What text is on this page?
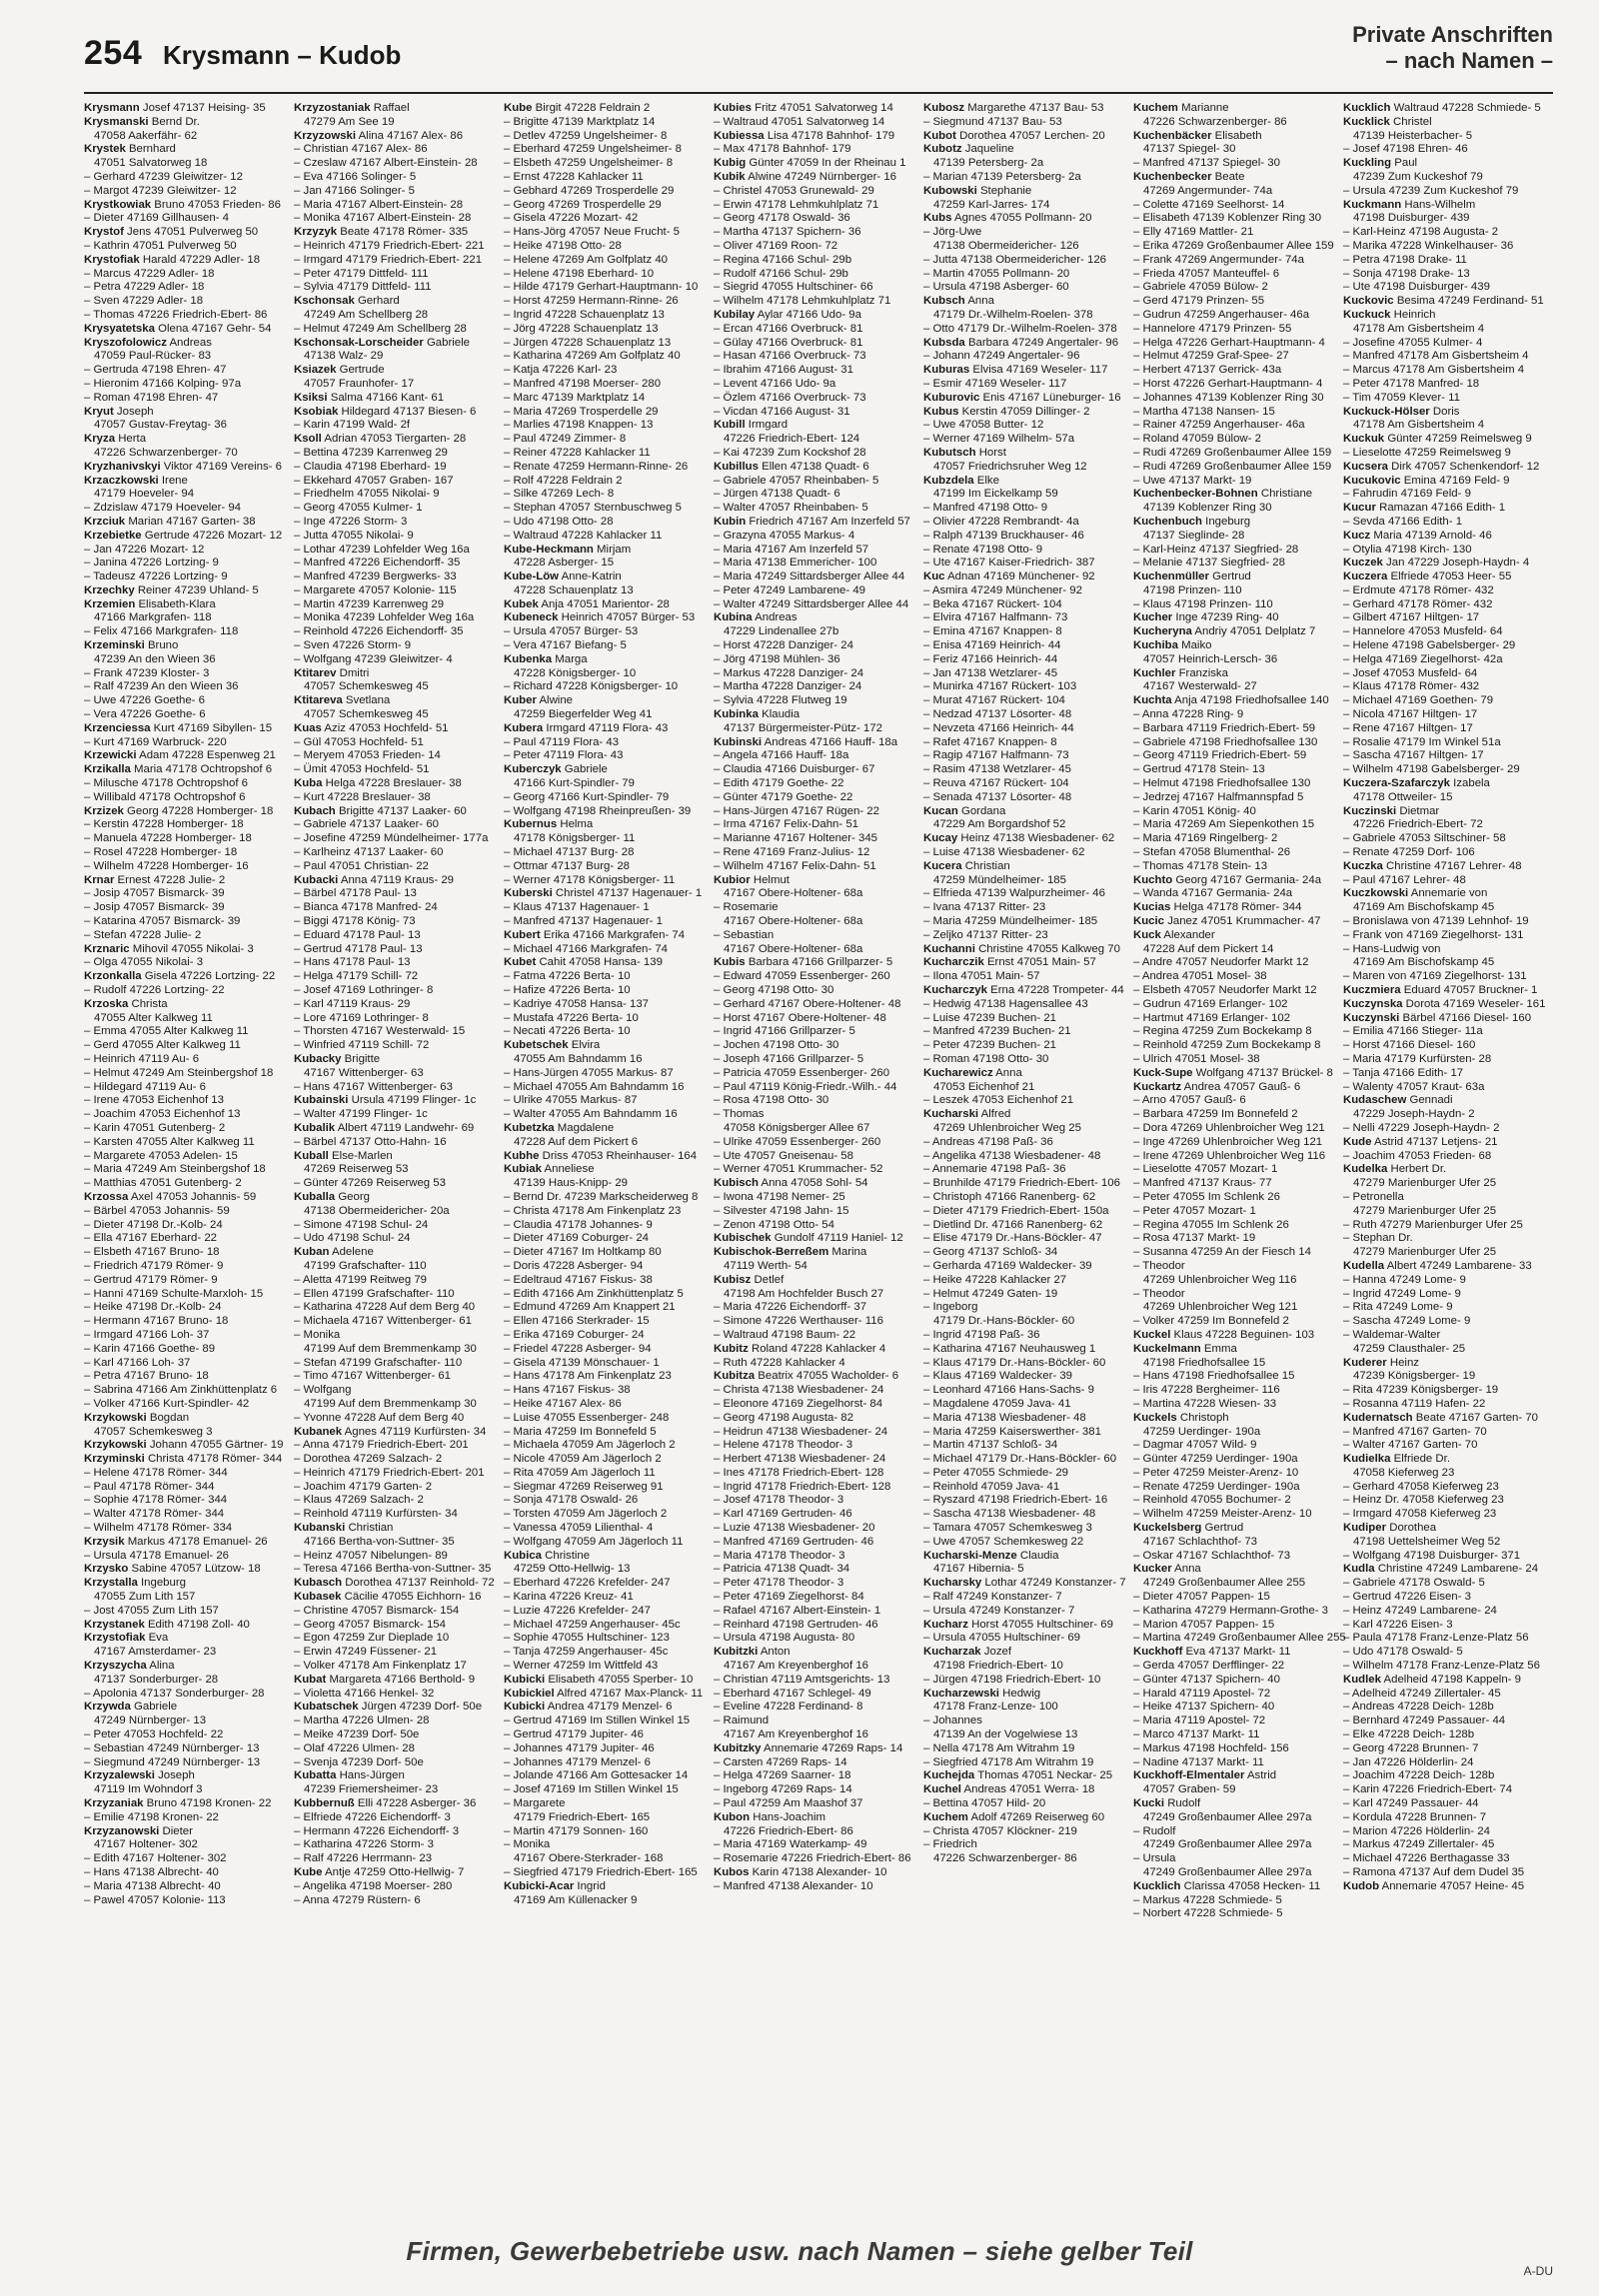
254 Krysmann – Kudob
Private Anschriften
– nach Namen –
Krysmann Josef 47137 Heising- 35
Krysmanski Bernd Dr.
47058 Aakerfähr- 62
Krystek Bernhard
47051 Salvatorweg 18
– Gerhard 47239 Gleiwitzer- 12
– Margot 47239 Gleiwitzer- 12
Krystkowiak Bruno 47053 Frieden- 86
– Dieter 47169 Gillhausen- 4
Krystof Jens 47051 Pulverweg 50
– Kathrin 47051 Pulverweg 50
Krystofiak Harald 47229 Adler- 18
– Marcus 47229 Adler- 18
– Petra 47229 Adler- 18
– Sven 47229 Adler- 18
– Thomas 47226 Friedrich-Ebert- 86
Krysyatetska Olena 47167 Gehr- 54
Kryszofolowicz Andreas
47059 Paul-Rücker- 83
– Gertruda 47198 Ehren- 47
– Hieronim 47166 Kolping- 97a
– Roman 47198 Ehren- 47
Kryut Joseph
47057 Gustav-Freytag- 36
Kryza Herta
47226 Schwarzenberger- 70
Kryzhanivskyi Viktor 47169 Vereins- 6
Krzaczkowski Irene
47179 Hoeveler- 94
– Zdzislaw 47179 Hoeveler- 94
Krzciuk Marian 47167 Garten- 38
Krzebietke Gertrude 47226 Mozart- 12
– Jan 47226 Mozart- 12
– Janina 47226 Lortzing- 9
– Tadeusz 47226 Lortzing- 9
Krzechky Reiner 47239 Uhland- 5
Krzemien Elisabeth-Klara
47166 Markgrafen- 118
– Felix 47166 Markgrafen- 118
Krzeminski Bruno
47239 An den Wieen 36
– Frank 47239 Kloster- 3
– Ralf 47239 An den Wieen 36
– Uwe 47226 Goethe- 6
– Vera 47226 Goethe- 6
Krzenciessa Kurt 47169 Sibyllen- 15
– Kurt 47169 Warbruck- 220
Krzewicki Adam 47228 Espenweg 21
Krzikalla Maria 47178 Ochtropshof 6
– Milusche 47178 Ochtropshof 6
– Willibald 47178 Ochtropshof 6
Krzizek Georg 47228 Homberger- 18
– Kerstin 47228 Homberger- 18
– Manuela 47228 Homberger- 18
– Rosel 47228 Homberger- 18
– Wilhelm 47228 Homberger- 16
Krnar Ernest 47228 Julie- 2
– Josip 47057 Bismarck- 39
– Josip 47057 Bismarck- 39
– Katarina 47057 Bismarck- 39
– Stefan 47228 Julie- 2
Krznaric Mihovil 47055 Nikolai- 3
– Olga 47055 Nikolai- 3
Krzonkalla Gisela 47226 Lortzing- 22
– Rudolf 47226 Lortzing- 22
Krzoska Christa
47055 Alter Kalkweg 11
– Emma 47055 Alter Kalkweg 11
– Gerd 47055 Alter Kalkweg 11
– Heinrich 47119 Au- 6
– Helmut 47249 Am Steinbergshof 18
– Hildegard 47119 Au- 6
– Irene 47053 Eichenhof 13
– Joachim 47053 Eichenhof 13
– Karin 47051 Gutenberg- 2
– Karsten 47055 Alter Kalkweg 11
– Margarete 47053 Adelen- 15
– Maria 47249 Am Steinbergshof 18
– Matthias 47051 Gutenberg- 2
Krzossa Axel 47053 Johannis- 59
– Bärbel 47053 Johannis- 59
– Dieter 47198 Dr.-Kolb- 24
– Ella 47167 Eberhard- 22
– Elsbeth 47167 Bruno- 18
– Friedrich 47179 Römer- 9
– Gertrud 47179 Römer- 9
– Hanni 47169 Schulte-Marxloh- 15
– Heike 47198 Dr.-Kolb- 24
– Hermann 47167 Bruno- 18
– Irmgard 47166 Loh- 37
– Karin 47166 Goethe- 89
– Karl 47166 Loh- 37
– Petra 47167 Bruno- 18
– Sabrina 47166 Am Zinkhüttenplatz 6
– Volker 47166 Kurt-Spindler- 42
Krzykowski Bogdan
47057 Schemkesweg 3
Krzykowski Johann 47055 Gärtner- 19
Krzyminski Christa 47178 Römer- 344
– Helene 47178 Römer- 344
– Paul 47178 Römer- 344
– Sophie 47178 Römer- 344
– Walter 47178 Römer- 344
– Wilhelm 47178 Römer- 334
Krzysik Markus 47178 Emanuel- 26
– Ursula 47178 Emanuel- 26
Krzysko Sabine 47057 Lützow- 18
Krzystalla Ingeburg
47055 Zum Lith 157
– Jost 47055 Zum Lith 157
Krzystanek Edith 47198 Zoll- 40
Krzystofiak Eva
47167 Amsterdamer- 23
Krzyszycha Alina
47137 Sonderburger- 28
– Apolonia 47137 Sonderburger- 28
Krzywda Gabriele
47249 Nürnberger- 13
– Peter 47053 Hochfeld- 22
– Sebastian 47249 Nürnberger- 13
– Siegmund 47249 Nürnberger- 13
Krzyzalewski Joseph
47119 Im Wohndorf 3
Krzyzaniak Bruno 47198 Kronen- 22
– Emilie 47198 Kronen- 22
Krzyzanowski Dieter
47167 Holtener- 302
– Edith 47167 Holtener- 302
– Hans 47138 Albrecht- 40
– Maria 47138 Albrecht- 40
– Pawel 47057 Kolonie- 113
Krzyzostaniak Raffael
47279 Am See 19
Krzyzowski Alina 47167 Alex- 86
– Christian 47167 Alex- 86
– Czeslaw 47167 Albert-Einstein- 28
– Eva 47166 Solinger- 5
– Jan 47166 Solinger- 5
– Maria 47167 Albert-Einstein- 28
– Monika 47167 Albert-Einstein- 28
Krzyzyk Beate 47178 Römer- 335
– Heinrich 47179 Friedrich-Ebert- 221
– Irmgard 47179 Friedrich-Ebert- 221
– Peter 47179 Dittfeld- 111
– Sylvia 47179 Dittfeld- 111
Kschonsak Gerhard
47249 Am Schellberg 28
– Helmut 47249 Am Schellberg 28
Kschonsak-Lorscheider Gabriele
47138 Walz- 29
Ksiazek Gertrude
47057 Fraunhofer- 17
Ksiksi Salma 47166 Kant- 61
Ksobiak Hildegard 47137 Biesen- 6
– Karin 47199 Wald- 2f
Ksoll Adrian 47053 Tiergarten- 28
– Bettina 47239 Karrenweg 29
– Claudia 47198 Eberhard- 19
– Ekkehard 47057 Graben- 167
– Friedhelm 47055 Nikolai- 9
– Georg 47055 Kulmer- 1
– Inge 47226 Storm- 3
– Jutta 47055 Nikolai- 9
– Lothar 47239 Lohfelder Weg 16a
– Manfred 47226 Eichendorff- 35
– Manfred 47239 Bergwerks- 33
– Margarete 47057 Kolonie- 115
– Martin 47239 Karrenweg 29
– Monika 47239 Lohfelder Weg 16a
– Reinhold 47226 Eichendorff- 35
– Sven 47226 Storm- 9
– Wolfgang 47239 Gleiwitzer- 4
Ktitarev Dmitri
47057 Schemkesweg 45
Ktitareva Svetlana
47057 Schemkesweg 45
Kuas Aziz 47053 Hochfeld- 51
– Gül 47053 Hochfeld- 51
– Meryem 47053 Frieden- 14
– Ümit 47053 Hochfeld- 51
Kuba Helga 47228 Breslauer- 38
– Kurt 47228 Breslauer- 38
Kubach Brigitte 47137 Laaker- 60
– Gabriele 47137 Laaker- 60
– Josefine 47259 Mündelheimer- 177a
– Karlheinz 47137 Laaker- 60
– Paul 47051 Christian- 22
Kubacki Anna 47119 Kraus- 29
– Bärbel 47178 Paul- 13
– Bianca 47178 Manfred- 24
– Biggi 47178 König- 73
– Eduard 47178 Paul- 13
– Gertrud 47178 Paul- 13
– Hans 47178 Paul- 13
– Helga 47179 Schill- 72
– Josef 47169 Lothringer- 8
– Karl 47119 Kraus- 29
– Lore 47169 Lothringer- 8
– Thorsten 47167 Westerwald- 15
– Winfried 47119 Schill- 72
Kubacky Brigitte
47167 Wittenberger- 63
– Hans 47167 Wittenberger- 63
Kubainski Ursula 47199 Flinger- 1c
– Walter 47199 Flinger- 1c
Kubalik Albert 47119 Landwehr- 69
– Bärbel 47137 Otto-Hahn- 16
Kuball Else-Marlen
47269 Reiserweg 53
– Günter 47269 Reiserweg 53
Kuballa Georg
47138 Obermeidericher- 20a
– Simone 47198 Schul- 24
– Udo 47198 Schul- 24
Kuban Adelene
47199 Grafschafter- 110
– Aletta 47199 Reitweg 79
– Ellen 47199 Grafschafter- 110
– Katharina 47228 Auf dem Berg 40
– Michaela 47167 Wittenberger- 61
– Monika
47199 Auf dem Bremmenkamp 30
– Stefan 47199 Grafschafter- 110
– Timo 47167 Wittenberger- 61
– Wolfgang
47199 Auf dem Bremmenkamp 30
– Yvonne 47228 Auf dem Berg 40
Kubanek Agnes 47119 Kurfürsten- 34
– Anna 47179 Friedrich-Ebert- 201
– Dorothea 47269 Salzach- 2
– Heinrich 47179 Friedrich-Ebert- 201
– Joachim 47179 Garten- 2
– Klaus 47269 Salzach- 2
– Reinhold 47119 Kurfürsten- 34
Kubanski Christian
47166 Bertha-von-Suttner- 35
– Heinz 47057 Nibelungen- 89
– Teresa 47166 Bertha-von-Suttner- 35
Kubasch Dorothea 47137 Reinhold- 72
Kubasek Cäcilie 47055 Eichhorn- 16
– Christine 47057 Bismarck- 154
– Georg 47057 Bismarck- 154
– Egon 47259 Zur Dieplade 10
– Erwin 47249 Füssener- 21
– Volker 47178 Am Finkenplatz 17
Kubat Margareta 47166 Berthold- 9
– Violetta 47166 Henkel- 32
Kubatschek Jürgen 47239 Dorf- 50e
– Martha 47226 Ulmen- 28
– Meike 47239 Dorf- 50e
– Olaf 47226 Ulmen- 28
– Svenja 47239 Dorf- 50e
Kubatta Hans-Jürgen
47239 Friemersheimer- 23
Kubbernuß Elli 47228 Asberger- 36
– Elfriede 47226 Eichendorff- 3
– Hermann 47226 Eichendorff- 3
– Katharina 47226 Storm- 3
– Ralf 47226 Herrmann- 23
Kube Antje 47259 Otto-Hellwig- 7
– Angelika 47198 Moerser- 280
– Anna 47279 Rüstern- 6
Kube Birgit 47228 Feldrain 2
– Brigitte 47139 Marktplatz 14
– Detlev 47259 Ungelsheimer- 8
– Eberhard 47259 Ungelsheimer- 8
– Elsbeth 47259 Ungelsheimer- 8
– Ernst 47228 Kahlacker 11
– Gebhard 47269 Trosperdelle 29
– Georg 47269 Trosperdelle 29
– Gisela 47226 Mozart- 42
– Hans-Jörg 47057 Neue Frucht- 5
– Heike 47198 Otto- 28
– Helene 47269 Am Golfplatz 40
– Helene 47198 Eberhard- 10
– Hilde 47179 Gerhart-Hauptmann- 10
– Horst 47259 Hermann-Rinne- 26
– Ingrid 47228 Schauenplatz 13
– Jörg 47228 Schauenplatz 13
– Jürgen 47228 Schauenplatz 13
– Katharina 47269 Am Golfplatz 40
– Katja 47226 Karl- 23
– Manfred 47198 Moerser- 280
– Marc 47139 Marktplatz 14
– Maria 47269 Trosperdelle 29
– Marlies 47198 Knappen- 13
– Paul 47249 Zimmer- 8
– Reiner 47228 Kahlacker 11
– Renate 47259 Hermann-Rinne- 26
– Rolf 47228 Feldrain 2
– Silke 47269 Lech- 8
– Stephan 47057 Sternbuschweg 5
– Udo 47198 Otto- 28
– Waltraud 47228 Kahlacker 11
Kube-Heckmann Mirjam
47228 Asberger- 15
Kube-Löw Anne-Katrin
47228 Schauenplatz 13
Kubek Anja 47051 Marientor- 28
Kubeneck Heinrich 47057 Bürger- 53
– Ursula 47057 Bürger- 53
– Vera 47167 Biefang- 5
Kubenka Marga
47228 Königsberger- 10
– Richard 47228 Königsberger- 10
Kuber Alwine
47259 Biegerfelder Weg 41
Kubera Irmgard 47119 Flora- 43
– Paul 47119 Flora- 43
– Peter 47119 Flora- 43
Kuberczyk Gabriele
47166 Kurt-Spindler- 79
– Georg 47166 Kurt-Spindler- 79
– Wolfgang 47198 Rheinpreußen- 39
Kubernus Helma
47178 Königsberger- 11
– Michael 47137 Burg- 28
– Ottmar 47137 Burg- 28
– Werner 47178 Königsberger- 11
Kuberski Christel 47137 Hagenauer- 1
– Klaus 47137 Hagenauer- 1
– Manfred 47137 Hagenauer- 1
Kubert Erika 47166 Markgrafen- 74
– Michael 47166 Markgrafen- 74
Kubet Cahit 47058 Hansa- 139
– Fatma 47226 Berta- 10
– Hafize 47226 Berta- 10
– Kadriye 47058 Hansa- 137
– Mustafa 47226 Berta- 10
– Necati 47226 Berta- 10
Kubetschek Elvira
47055 Am Bahndamm 16
– Hans-Jürgen 47055 Markus- 87
– Michael 47055 Am Bahndamm 16
– Ulrike 47055 Markus- 87
– Walter 47055 Am Bahndamm 16
Kubetzka Magdalene
47228 Auf dem Pickert 6
Kubhe Driss 47053 Rheinhauser- 164
Kubiak Anneliese
47139 Haus-Knipp- 29
– Bernd Dr. 47239 Markscheiderweg 8
– Christa 47178 Am Finkenplatz 23
– Claudia 47178 Johannes- 9
– Dieter 47169 Coburger- 24
– Dieter 47167 Im Holtkamp 80
– Doris 47228 Asberger- 94
– Edeltraud 47167 Fiskus- 38
– Edith 47166 Am Zinkhüttenplatz 5
– Edmund 47269 Am Knappert 21
– Ellen 47166 Sterkrader- 15
– Erika 47169 Coburger- 24
– Friedel 47228 Asberger- 94
– Gisela 47139 Mönschauer- 1
– Hans 47178 Am Finkenplatz 23
– Hans 47167 Fiskus- 38
– Heike 47167 Alex- 86
– Luise 47055 Essenberger- 248
– Maria 47259 Im Bonnefeld 5
– Michaela 47059 Am Jägerloch 2
– Nicole 47059 Am Jägerloch 2
– Rita 47059 Am Jägerloch 11
– Siegmar 47269 Reiserweg 91
– Sonja 47178 Oswald- 26
– Torsten 47059 Am Jägerloch 2
– Vanessa 47059 Lilienthal- 4
– Wolfgang 47059 Am Jägerloch 11
Kubica Christine
47259 Otto-Hellwig- 13
– Eberhard 47226 Krefelder- 247
– Karina 47226 Kreuz- 41
– Luzie 47226 Krefelder- 247
– Michael 47259 Angerhauser- 45c
– Sophie 47055 Hultschiner- 123
– Tanja 47259 Angerhauser- 45c
– Werner 47259 Im Wittfeld 43
Kubicki Elisabeth 47055 Sperber- 10
Kubickiel Alfred 47167 Max-Planck- 11
Kubicki Andrea 47179 Menzel- 6
– Gertrud 47169 Im Stillen Winkel 15
– Gertrud 47179 Jupiter- 46
– Johannes 47179 Jupiter- 46
– Johannes 47179 Menzel- 6
– Jolande 47166 Am Gottesacker 14
– Josef 47169 Im Stillen Winkel 15
– Margarete
47179 Friedrich-Ebert- 165
– Martin 47179 Sonnen- 160
– Monika
47167 Obere-Sterkrader- 168
– Siegfried 47179 Friedrich-Ebert- 165
Kubicki-Acar Ingrid
47169 Am Küllenacker 9
Kubies Fritz 47051 Salvatorweg 14
– Waltraud 47051 Salvatorweg 14
Kubiessa Lisa 47178 Bahnhof- 179
– Max 47178 Bahnhof- 179
Kubig Günter 47059 In der Rheinau 1
Kubik Alwine 47249 Nürnberger- 16
– Christel 47053 Grunewald- 29
– Erwin 47178 Lehmkuhlplatz 71
– Georg 47178 Oswald- 36
– Martha 47137 Spichern- 36
– Oliver 47169 Roon- 72
– Regina 47166 Schul- 29b
– Rudolf 47166 Schul- 29b
– Siegrid 47055 Hultschiner- 66
– Wilhelm 47178 Lehmkuhlplatz 71
Kubilay Aylar 47166 Udo- 9a
– Ercan 47166 Overbruck- 81
– Gülay 47166 Overbruck- 81
– Hasan 47166 Overbruck- 73
– Ibrahim 47166 August- 31
– Levent 47166 Udo- 9a
– Özlem 47166 Overbruck- 73
– Vicdan 47166 August- 31
Kubill Irmgard
47226 Friedrich-Ebert- 124
– Kai 47239 Zum Kockshof 28
Kubillus Ellen 47138 Quadt- 6
– Gabriele 47057 Rheinbaben- 5
– Jürgen 47138 Quadt- 6
– Walter 47057 Rheinbaben- 5
Kubin Friedrich 47167 Am Inzerfeld 57
– Grazyna 47055 Markus- 4
– Maria 47167 Am Inzerfeld 57
– Maria 47138 Emmericher- 100
– Maria 47249 Sittardsberger Allee 44
– Peter 47249 Lambarene- 49
– Walter 47249 Sittardsberger Allee 44
Kubina Andreas
47229 Lindenallee 27b
– Horst 47228 Danziger- 24
– Jörg 47198 Mühlen- 36
– Markus 47228 Danziger- 24
– Martha 47228 Danziger- 24
– Sylvia 47228 Flutweg 19
Kubinka Klaudia
47137 Bürgermeister-Pütz- 172
Kubinski Andreas 47166 Hauff- 18a
– Angela 47166 Hauff- 18a
– Claudia 47166 Duisburger- 67
– Edith 47179 Goethe- 22
– Günter 47179 Goethe- 22
– Hans-Jürgen 47167 Rügen- 22
– Irma 47167 Felix-Dahn- 51
– Marianne 47167 Holtener- 345
– Rene 47169 Franz-Julius- 12
– Wilhelm 47167 Felix-Dahn- 51
Kubior Helmut
47167 Obere-Holtener- 68a
– Rosemarie
47167 Obere-Holtener- 68a
– Sebastian
47167 Obere-Holtener- 68a
Kubis Barbara 47166 Grillparzer- 5
– Edward 47059 Essenberger- 260
– Georg 47198 Otto- 30
– Gerhard 47167 Obere-Holtener- 48
– Horst 47167 Obere-Holtener- 48
– Ingrid 47166 Grillparzer- 5
– Jochen 47198 Otto- 30
– Joseph 47166 Grillparzer- 5
– Patricia 47059 Essenberger- 260
– Paul 47119 König-Friedr.-Wilh.- 44
– Rosa 47198 Otto- 30
– Thomas
47058 Königsberger Allee 67
– Ulrike 47059 Essenberger- 260
– Ute 47057 Gneisenau- 58
– Werner 47051 Krummacher- 52
Kubisch Anna 47058 Sohl- 54
– Iwona 47198 Nemer- 25
– Silvester 47198 Jahn- 15
– Zenon 47198 Otto- 54
Kubischek Gundolf 47119 Haniel- 12
Kubischok-Berreßem Marina
47119 Werth- 54
Kubisz Detlef
47198 Am Hochfelder Busch 27
– Maria 47226 Eichendorff- 37
– Simone 47226 Werthauser- 116
– Waltraud 47198 Baum- 22
Kubitz Roland 47228 Kahlacker 4
– Ruth 47228 Kahlacker 4
Kubitza Beatrix 47055 Wacholder- 6
– Christa 47138 Wiesbadener- 24
– Eleonore 47169 Ziegelhorst- 84
– Georg 47198 Augusta- 82
– Heidrun 47138 Wiesbadener- 24
– Helene 47178 Theodor- 3
– Herbert 47138 Wiesbadener- 24
– Ines 47178 Friedrich-Ebert- 128
– Ingrid 47178 Friedrich-Ebert- 128
– Josef 47178 Theodor- 3
– Karl 47169 Gertruden- 46
– Luzie 47138 Wiesbadener- 20
– Manfred 47169 Gertruden- 46
– Maria 47178 Theodor- 3
– Patricia 47138 Quadt- 34
– Peter 47178 Theodor- 3
– Peter 47169 Ziegelhorst- 84
– Rafael 47167 Albert-Einstein- 1
– Reinhard 47198 Gertruden- 46
– Ursula 47198 Augusta- 80
Kubitzki Anton
47167 Am Kreyenberghof 16
– Christian 47119 Amtsgerichts- 13
– Eberhard 47167 Schlegel- 49
– Eveline 47228 Ferdinand- 8
– Raimund
47167 Am Kreyenberghof 16
Kubitzky Annemarie 47269 Raps- 14
– Carsten 47269 Raps- 14
– Helga 47269 Saarner- 18
– Ingeborg 47269 Raps- 14
– Paul 47259 Am Maashof 37
Kubon Hans-Joachim
47226 Friedrich-Ebert- 86
– Maria 47169 Waterkamp- 49
– Rosemarie 47226 Friedrich-Ebert- 86
Kubos Karin 47138 Alexander- 10
– Manfred 47138 Alexander- 10
Kubosz Margarethe 47137 Bau- 53
– Siegmund 47137 Bau- 53
Kubot Dorothea 47057 Lerchen- 20
Kubotz Jaqueline
47139 Petersberg- 2a
– Marian 47139 Petersberg- 2a
Kubowski Stephanie
47259 Karl-Jarres- 174
Kubs Agnes 47055 Pollmann- 20
– Jörg-Uwe
47138 Obermeidericher- 126
– Jutta 47138 Obermeidericher- 126
– Martin 47055 Pollmann- 20
– Ursula 47198 Asberger- 60
Kubsch Anna
47179 Dr.-Wilhelm-Roelen- 378
– Otto 47179 Dr.-Wilhelm-Roelen- 378
Kubsda Barbara 47249 Angertaler- 96
– Johann 47249 Angertaler- 96
Kuburas Elvisa 47169 Weseler- 117
– Esmir 47169 Weseler- 117
Kuburovic Enis 47167 Lüneburger- 16
Kubus Kerstin 47059 Dillinger- 2
– Uwe 47058 Butter- 12
– Werner 47169 Wilhelm- 57a
Kubutsch Horst
47057 Friedrichsruher Weg 12
Kubzdela Elke
47199 Im Eickelkamp 59
– Manfred 47198 Otto- 9
– Olivier 47228 Rembrandt- 4a
– Ralph 47139 Bruckhauser- 46
– Renate 47198 Otto- 9
– Ute 47167 Kaiser-Friedrich- 387
Kuc Adnan 47169 Münchener- 92
– Asmira 47249 Münchener- 92
– Beka 47167 Rückert- 104
– Elvira 47167 Halfmann- 73
– Emina 47167 Knappen- 8
– Enisa 47169 Heinrich- 44
– Feriz 47166 Heinrich- 44
– Jan 47138 Wetzlarer- 45
– Munirka 47167 Rückert- 103
– Murat 47167 Rückert- 104
– Nedzad 47137 Lösorter- 48
– Nevzeta 47166 Heinrich- 44
– Rafet 47167 Knappen- 8
– Ragip 47167 Halfmann- 73
– Rasim 47138 Wetzlarer- 45
– Reuva 47167 Rückert- 104
– Senada 47137 Lösorter- 48
Kucan Gordana
47229 Am Borgardshof 52
Kucay Heinz 47138 Wiesbadener- 62
– Luise 47138 Wiesbadener- 62
Kucera Christian
47259 Mündelheimer- 185
– Elfrieda 47139 Walpurzheimer- 46
– Ivana 47137 Ritter- 23
– Maria 47259 Mündelheimer- 185
– Zeljko 47137 Ritter- 23
Kuchanni Christine 47055 Kalkweg 70
Kucharczik Ernst 47051 Main- 57
– Ilona 47051 Main- 57
Kucharczyk Erna 47228 Trompeter- 44
– Hedwig 47138 Hagensallee 43
– Luise 47239 Buchen- 21
– Manfred 47239 Buchen- 21
– Peter 47239 Buchen- 21
– Roman 47198 Otto- 30
Kucharewicz Anna
47053 Eichenhof 21
– Leszek 47053 Eichenhof 21
Kucharski Alfred
47269 Uhlenbroicher Weg 25
– Andreas 47198 Paß- 36
– Angelika 47138 Wiesbadener- 48
– Annemarie 47198 Paß- 36
– Brunhilde 47179 Friedrich-Ebert- 106
– Christoph 47166 Ranenberg- 62
– Dieter 47179 Friedrich-Ebert- 150a
– Dietlind Dr. 47166 Ranenberg- 62
– Elise 47179 Dr.-Hans-Böckler- 47
– Georg 47137 Schloß- 34
– Gerharda 47169 Waldecker- 39
– Heike 47228 Kahlacker 27
– Helmut 47249 Gaten- 19
– Ingeborg
47179 Dr.-Hans-Böckler- 60
– Ingrid 47198 Paß- 36
– Katharina 47167 Neuhausweg 1
– Klaus 47179 Dr.-Hans-Böckler- 60
– Klaus 47169 Waldecker- 39
– Leonhard 47166 Hans-Sachs- 9
– Magdalene 47059 Java- 41
– Maria 47138 Wiesbadener- 48
– Maria 47259 Kaiserswerther- 381
– Martin 47137 Schloß- 34
– Michael 47179 Dr.-Hans-Böckler- 60
– Peter 47055 Schmiede- 29
– Reinhold 47059 Java- 41
– Ryszard 47198 Friedrich-Ebert- 16
– Sascha 47138 Wiesbadener- 48
– Tamara 47057 Schemkesweg 3
– Uwe 47057 Schemkesweg 22
Kucharski-Menze Claudia
47167 Hibernia- 5
Kucharsky Lothar 47249 Konstanzer- 7
– Ralf 47249 Konstanzer- 7
– Ursula 47249 Konstanzer- 7
Kucharz Horst 47055 Hultschiner- 69
– Ursula 47055 Hultschiner- 69
Kucharzak Jozef
47198 Friedrich-Ebert- 10
– Jürgen 47198 Friedrich-Ebert- 10
Kucharzewski Hedwig
47178 Franz-Lenze- 100
– Johannes
47139 An der Vogelwiese 13
– Nella 47178 Am Witrahm 19
– Siegfried 47178 Am Witrahm 19
Kuchejda Thomas 47051 Neckar- 25
Kuchel Andreas 47051 Werra- 18
– Bettina 47057 Hild- 20
Kuchem Adolf 47269 Reiserweg 60
– Christa 47057 Klöckner- 219
– Friedrich
47226 Schwarzenberger- 86
Kuchem Marianne
47226 Schwarzenberger- 86
Kuchenbäcker Elisabeth
47137 Spiegel- 30
– Manfred 47137 Spiegel- 30
Kuchenbecker Beate
47269 Angermunder- 74a
– Colette 47169 Seelhorst- 14
– Elisabeth 47139 Koblenzer Ring 30
– Elly 47169 Mattler- 21
– Erika 47269 Großenbaumer Allee 159
– Frank 47269 Angermunder- 74a
– Frieda 47057 Manteuffel- 6
– Gabriele 47059 Bülow- 2
– Gerd 47179 Prinzen- 55
– Gudrun 47259 Angerhauser- 46a
– Hannelore 47179 Prinzen- 55
– Helga 47226 Gerhart-Hauptmann- 4
– Helmut 47259 Graf-Spee- 27
– Herbert 47137 Gerrick- 43a
– Horst 47226 Gerhart-Hauptmann- 4
– Johannes 47139 Koblenzer Ring 30
– Martha 47138 Nansen- 15
– Rainer 47259 Angerhauser- 46a
– Roland 47059 Bülow- 2
– Rudi 47269 Großenbaumer Allee 159
– Rudi 47269 Großenbaumer Allee 159
– Uwe 47137 Markt- 19
Kuchenbecker-Bohnen Christiane
47139 Koblenzer Ring 30
Kuchenbuch Ingeburg
47137 Sieglinde- 28
– Karl-Heinz 47137 Siegfried- 28
– Melanie 47137 Siegfried- 28
Kuchenmüller Gertrud
47198 Prinzen- 110
– Klaus 47198 Prinzen- 110
Kucher Inge 47239 Ring- 40
Kucheryna Andriy 47051 Delplatz 7
Kuchiba Maiko
47057 Heinrich-Lersch- 36
Kuchler Franziska
47167 Westerwald- 27
Kuchta Anja 47198 Friedhofsallee 140
– Anna 47228 Ring- 9
– Barbara 47119 Friedrich-Ebert- 59
– Gabriele 47198 Friedhofsallee 130
– Georg 47119 Friedrich-Ebert- 59
– Gertrud 47178 Stein- 13
– Helmut 47198 Friedhofsallee 130
– Jedrzej 47167 Halfmannspfad 5
– Karin 47051 König- 40
– Maria 47269 Am Siepenkothen 15
– Maria 47169 Ringelberg- 2
– Stefan 47058 Blumenthal- 26
– Thomas 47178 Stein- 13
Kuchto Georg 47167 Germania- 24a
– Wanda 47167 Germania- 24a
Kucias Helga 47178 Römer- 344
Kucic Janez 47051 Krummacher- 47
Kuck Alexander
47228 Auf dem Pickert 14
– Andre 47057 Neudorfer Markt 12
– Andrea 47051 Mosel- 38
– Elsbeth 47057 Neudorfer Markt 12
– Gudrun 47169 Erlanger- 102
– Hartmut 47169 Erlanger- 102
– Regina 47259 Zum Bockekamp 8
– Reinhold 47259 Zum Bockekamp 8
– Ulrich 47051 Mosel- 38
Kuck-Supe Wolfgang 47137 Brückel- 8
Kuckartz Andrea 47057 Gauß- 6
– Arno 47057 Gauß- 6
– Barbara 47259 Im Bonnefeld 2
– Dora 47269 Uhlenbroicher Weg 121
– Inge 47269 Uhlenbroicher Weg 121
– Irene 47269 Uhlenbroicher Weg 116
– Lieselotte 47057 Mozart- 1
– Manfred 47137 Kraus- 77
– Peter 47055 Im Schlenk 26
– Peter 47057 Mozart- 1
– Regina 47055 Im Schlenk 26
– Rosa 47137 Markt- 19
– Susanna 47259 An der Fiesch 14
– Theodor
47269 Uhlenbroicher Weg 116
– Theodor
47269 Uhlenbroicher Weg 121
– Volker 47259 Im Bonnefeld 2
Kuckel Klaus 47228 Beguinen- 103
Kuckelmann Emma
47198 Friedhofsallee 15
– Hans 47198 Friedhofsallee 15
– Iris 47228 Bergheimer- 116
– Martina 47228 Wiesen- 33
Kuckels Christoph
47259 Uerdinger- 190a
– Dagmar 47057 Wild- 9
– Günter 47259 Uerdinger- 190a
– Peter 47259 Meister-Arenz- 10
– Renate 47259 Uerdinger- 190a
– Reinhold 47055 Bochumer- 2
– Wilhelm 47259 Meister-Arenz- 10
Kuckelsberg Gertrud
47167 Schlachthof- 73
– Oskar 47167 Schlachthof- 73
Kucker Anna
47249 Großenbaumer Allee 255
– Dieter 47057 Pappen- 15
– Katharina 47279 Hermann-Grothe- 3
– Marion 47057 Pappen- 15
– Martina 47249 Großenbaumer Allee 255
Kuckhoff Eva 47137 Markt- 11
– Gerda 47057 Derfflinger- 22
– Günter 47137 Spichern- 40
– Harald 47119 Apostel- 72
– Heike 47137 Spichern- 40
– Maria 47119 Apostel- 72
– Marco 47137 Markt- 11
– Markus 47198 Hochfeld- 156
– Nadine 47137 Markt- 11
Kuckhoff-Elmentaler Astrid
47057 Graben- 59
Kucki Rudolf
47249 Großenbaumer Allee 297a
– Rudolf
47249 Großenbaumer Allee 297a
– Ursula
47249 Großenbaumer Allee 297a
Kucklich Clarissa 47058 Hecken- 11
– Markus 47228 Schmiede- 5
– Norbert 47228 Schmiede- 5
Kucklich Waltraud 47228 Schmiede- 5
Kucklick Christel
47139 Heisterbacher- 5
– Josef 47198 Ehren- 46
Kuckling Paul
47239 Zum Kuckeshof 79
– Ursula 47239 Zum Kuckeshof 79
Kuckmann Hans-Wilhelm
47198 Duisburger- 439
– Karl-Heinz 47198 Augusta- 2
– Marika 47228 Winkelhauser- 36
– Petra 47198 Drake- 11
– Sonja 47198 Drake- 13
– Ute 47198 Duisburger- 439
Kuckovic Besima 47249 Ferdinand- 51
Kuckuck Heinrich
47178 Am Gisbertsheim 4
– Josefine 47055 Kulmer- 4
– Manfred 47178 Am Gisbertsheim 4
– Marcus 47178 Am Gisbertsheim 4
– Peter 47178 Manfred- 18
– Tim 47059 Klever- 11
Kuckuck-Hölser Doris
47178 Am Gisbertsheim 4
Kuckuk Günter 47259 Reimelsweg 9
– Lieselotte 47259 Reimelsweg 9
Kucsera Dirk 47057 Schenkendorf- 12
Kucukovic Emina 47169 Feld- 9
– Fahrudin 47169 Feld- 9
Kucur Ramazan 47166 Edith- 1
– Sevda 47166 Edith- 1
Kucz Maria 47139 Arnold- 46
– Otylia 47198 Kirch- 130
Kuczek Jan 47229 Joseph-Haydn- 4
Kuczera Elfriede 47053 Heer- 55
– Erdmute 47178 Römer- 432
– Gerhard 47178 Römer- 432
– Gilbert 47167 Hiltgen- 17
– Hannelore 47053 Musfeld- 64
– Helene 47198 Gabelsberger- 29
– Helga 47169 Ziegelhorst- 42a
– Josef 47053 Musfeld- 64
– Klaus 47178 Römer- 432
– Michael 47169 Goethen- 79
– Nicola 47167 Hiltgen- 17
– Rene 47167 Hiltgen- 17
– Rosalie 47179 Im Winkel 51a
– Sascha 47167 Hiltgen- 17
– Wilhelm 47198 Gabelsberger- 29
Kuczera-Szafarczyk Izabela
47178 Ottweiler- 15
Kuczinski Dietmar
47226 Friedrich-Ebert- 72
– Gabriele 47053 Siltschiner- 58
– Renate 47259 Dorf- 106
Kuczka Christine 47167 Lehrer- 48
– Paul 47167 Lehrer- 48
Kuczkowski Annemarie von
47169 Am Bischofskamp 45
– Bronislawa von 47139 Lehnhof- 19
– Frank von 47169 Ziegelhorst- 131
– Hans-Ludwig von
47169 Am Bischofskamp 45
– Maren von 47169 Ziegelhorst- 131
Kuczmiera Eduard 47057 Bruckner- 1
Kuczynska Dorota 47169 Weseler- 161
Kuczynski Bärbel 47166 Diesel- 160
– Emilia 47166 Stieger- 11a
– Horst 47166 Diesel- 160
– Maria 47179 Kurfürsten- 28
– Tanja 47166 Edith- 17
– Walenty 47057 Kraut- 63a
Kudaschew Gennadi
47229 Joseph-Haydn- 2
– Nelli 47229 Joseph-Haydn- 2
Kude Astrid 47137 Letjens- 21
– Joachim 47053 Frieden- 68
Kudelka Herbert Dr.
47279 Marienburger Ufer 25
– Petronella
47279 Marienburger Ufer 25
– Ruth 47279 Marienburger Ufer 25
– Stephan Dr.
47279 Marienburger Ufer 25
Kudella Albert 47249 Lambarene- 33
– Hanna 47249 Lome- 9
– Ingrid 47249 Lome- 9
– Rita 47249 Lome- 9
– Sascha 47249 Lome- 9
– Waldemar-Walter
47259 Clausthaler- 25
Kuderer Heinz
47239 Königsberger- 19
– Rita 47239 Königsberger- 19
– Rosanna 47119 Hafen- 22
Kudernatsch Beate 47167 Garten- 70
– Manfred 47167 Garten- 70
– Walter 47167 Garten- 70
Kudielka Elfriede Dr.
47058 Kieferweg 23
– Gerhard 47058 Kieferweg 23
– Heinz Dr. 47058 Kieferweg 23
– Irmgard 47058 Kieferweg 23
Kudiper Dorothea
47198 Uettelsheimer Weg 52
– Wolfgang 47198 Duisburger- 371
Kudla Christine 47249 Lambarene- 24
– Gabriele 47178 Oswald- 5
– Gertrud 47226 Eisen- 3
– Heinz 47249 Lambarene- 24
– Karl 47226 Eisen- 3
– Paula 47178 Franz-Lenze-Platz 56
– Udo 47178 Oswald- 5
– Wilhelm 47178 Franz-Lenze-Platz 56
Kudlek Adelheid 47198 Kappeln- 9
– Adelheid 47249 Zillertaler- 45
– Andreas 47228 Deich- 128b
– Bernhard 47249 Passauer- 44
– Elke 47228 Deich- 128b
– Georg 47228 Brunnen- 7
– Jan 47226 Hölderlin- 24
– Joachim 47228 Deich- 128b
– Karin 47226 Friedrich-Ebert- 74
– Karl 47249 Passauer- 44
– Kordula 47228 Brunnen- 7
– Marion 47226 Hölderlin- 24
– Markus 47249 Zillertaler- 45
– Michael 47226 Berthagasse 33
– Ramona 47137 Auf dem Dudel 35
Kudob Annemarie 47057 Heine- 45
Firmen, Gewerbebetriebe usw. nach Namen – siehe gelber Teil
A-DU
